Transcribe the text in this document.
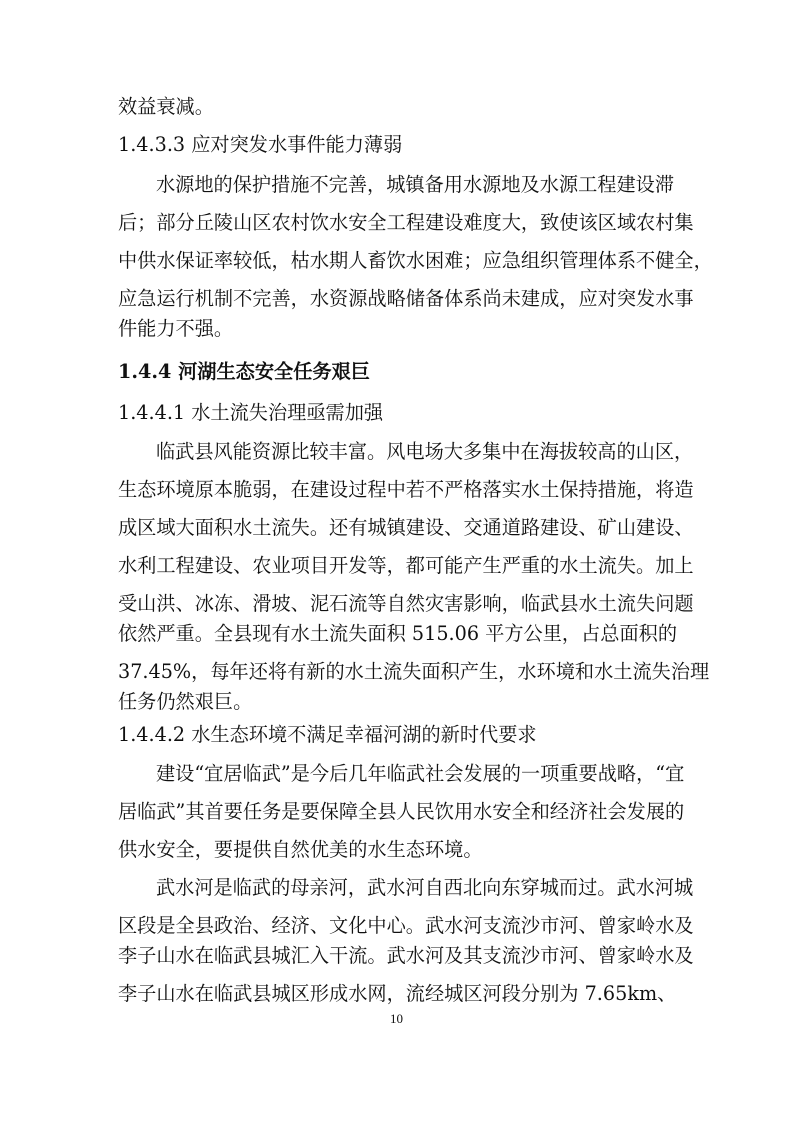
效益衰减。
1.4.3.3 应对突发水事件能力薄弱
水源地的保护措施不完善，城镇备用水源地及水源工程建设滞
后；部分丘陵山区农村饮水安全工程建设难度大，致使该区域农村集
中供水保证率较低，枯水期人畜饮水困难；应急组织管理体系不健全，
应急运行机制不完善，水资源战略储备体系尚未建成，应对突发水事
件能力不强。
1.4.4 河湖生态安全任务艰巨
1.4.4.1 水土流失治理亟需加强
临武县风能资源比较丰富。风电场大多集中在海拔较高的山区，
生态环境原本脆弱，在建设过程中若不严格落实水土保持措施，将造
成区域大面积水土流失。还有城镇建设、交通道路建设、矿山建设、
水利工程建设、农业项目开发等，都可能产生严重的水土流失。加上
受山洪、冰冻、滑坡、泥石流等自然灾害影响，临武县水土流失问题
依然严重。全县现有水土流失面积 515.06 平方公里，占总面积的
37.45%，每年还将有新的水土流失面积产生，水环境和水土流失治理
任务仍然艰巨。
1.4.4.2 水生态环境不满足幸福河湖的新时代要求
建设“宜居临武”是今后几年临武社会发展的一项重要战略，“宜
居临武”其首要任务是要保障全县人民饮用水安全和经济社会发展的
供水安全，要提供自然优美的水生态环境。
武水河是临武的母亲河，武水河自西北向东穿城而过。武水河城
区段是全县政治、经济、文化中心。武水河支流沙市河、曾家岭水及
李子山水在临武县城汇入干流。武水河及其支流沙市河、曾家岭水及
李子山水在临武县城区形成水网，流经城区河段分别为 7.65km、
10
